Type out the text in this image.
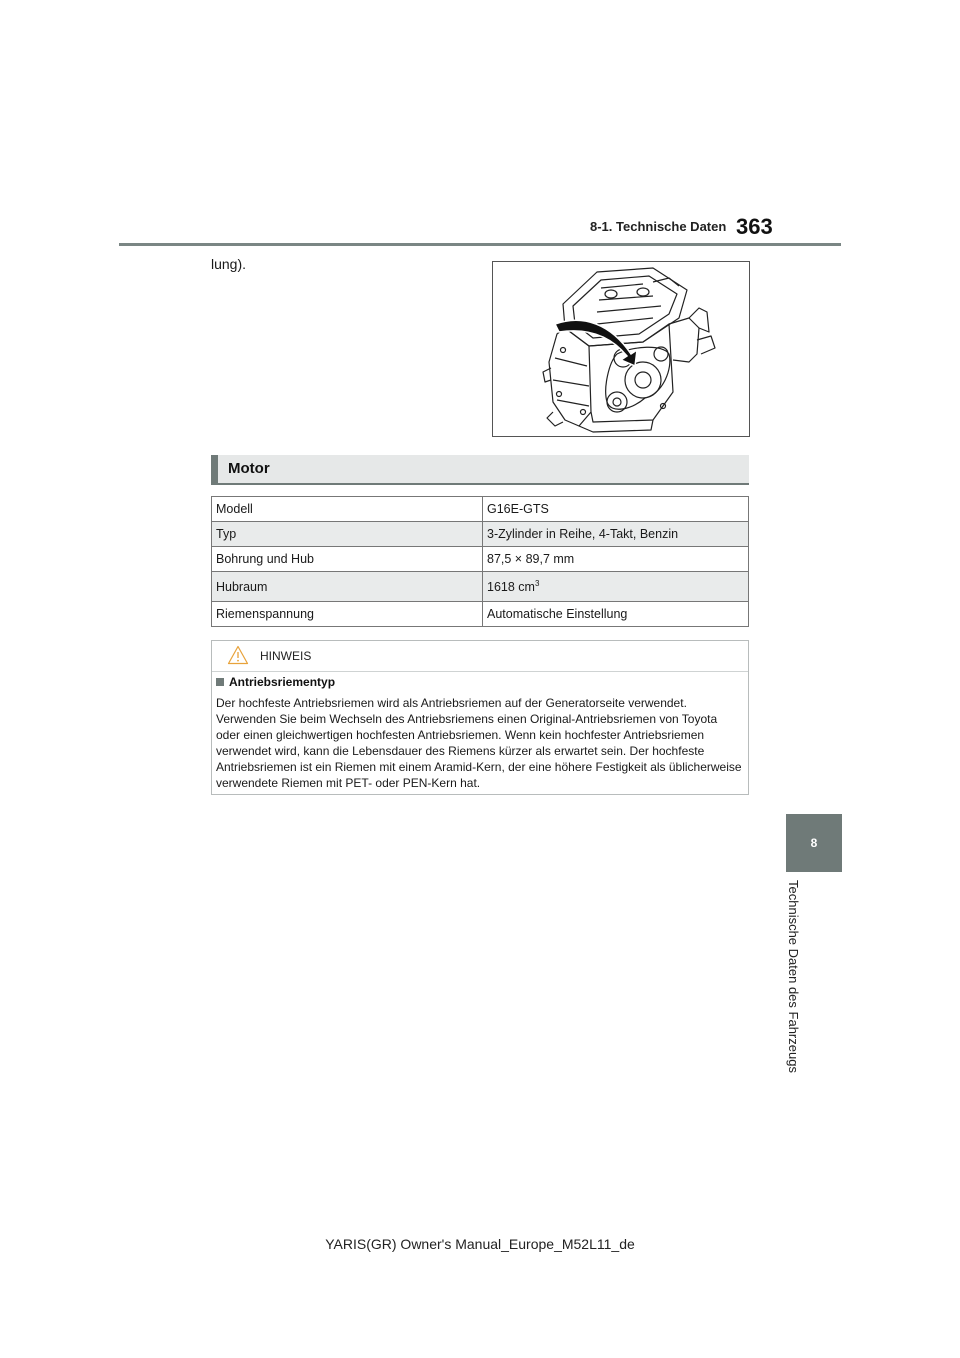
8-1. Technische Daten 363
8
Technische Daten des Fahrzeugs
lung).
Motor
Modell	G16E-GTS
Typ	3-Zylinder in Reihe, 4-Takt, Benzin
Bohrung und Hub	87,5 × 89,7 mm
Hubraum	1618 $cm^3$
Riemenspannung	Automatische Einstellung
HINWEIS
Antriebsriementyp
Der hochfeste Antriebsriemen wird als Antriebsriemen auf der Generatorseite verwendet. Verwenden Sie beim Wechseln des Antriebsriemens einen Original-Antriebsriemen von Toyota oder einen gleichwertigen hochfesten Antriebsriemen. Wenn kein hochfester Antriebsriemen verwendet wird, kann die Lebensdauer des Riemens kürzer als erwartet sein. Der hochfeste Antriebsriemen ist ein Riemen mit einem Aramid-Kern, der eine höhere Festigkeit als üblicherweise verwendete Riemen mit PET- oder PEN-Kern hat.
YARIS(GR) Owner's Manual_Europe_M52L11_de
